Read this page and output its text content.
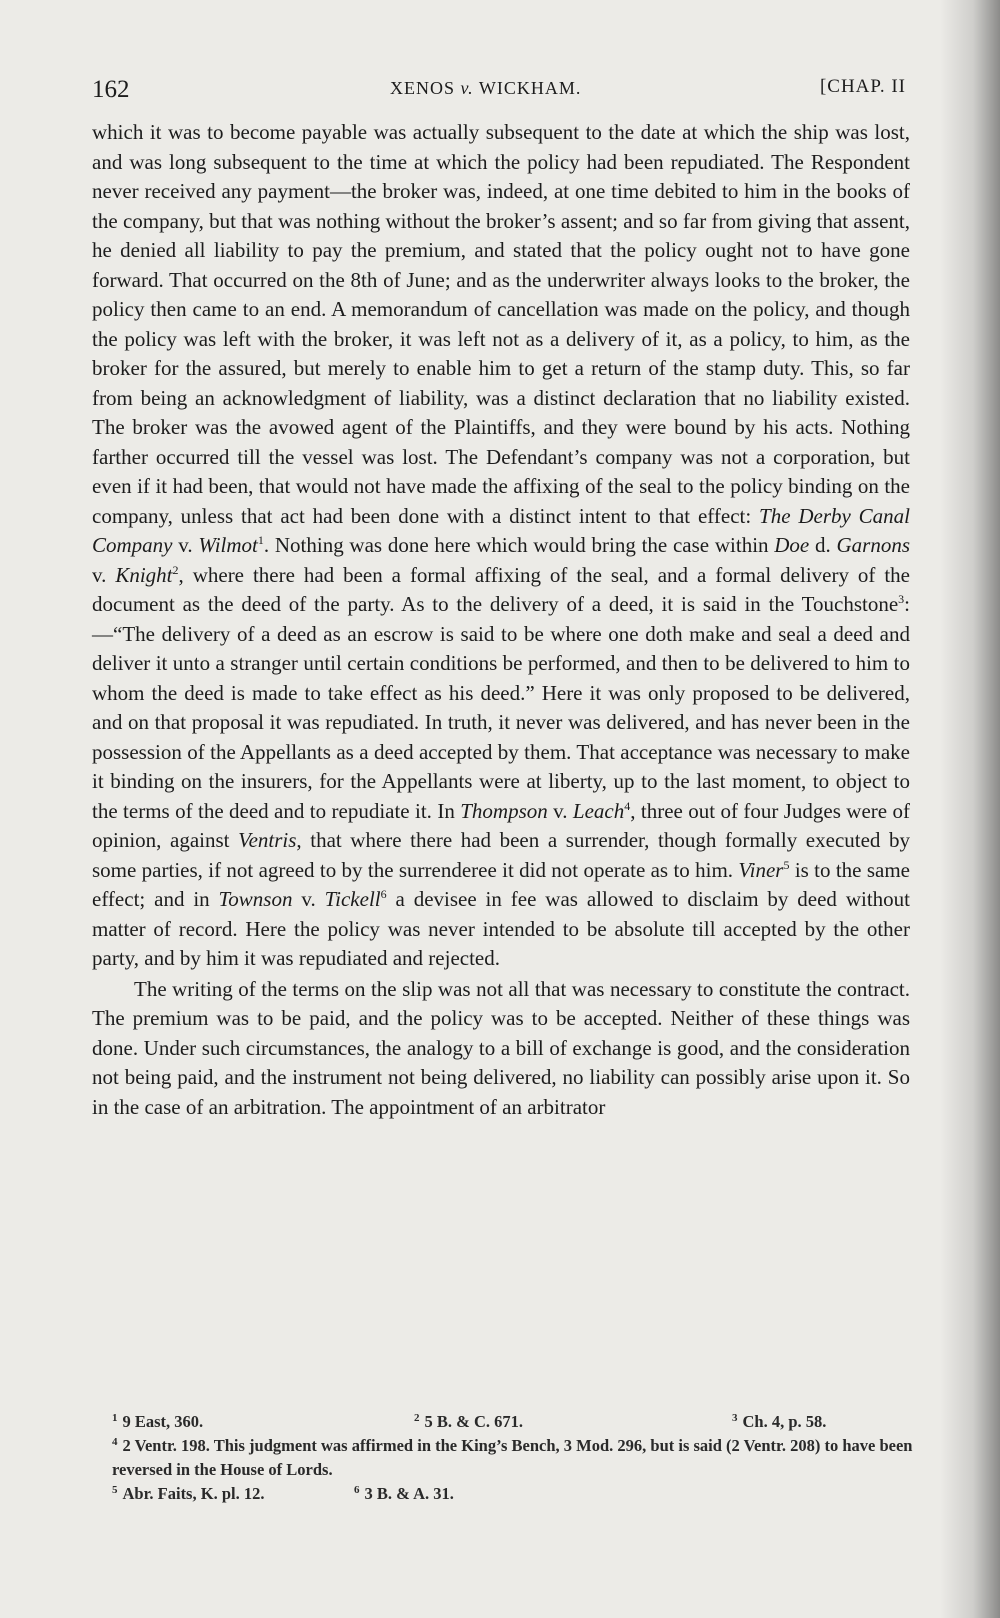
162	XENOS v. WICKHAM.	[CHAP. II

which it was to become payable was actually subsequent to the date at which the ship was lost, and was long subsequent to the time at which the policy had been repudiated. The Respondent never received any payment—the broker was, indeed, at one time debited to him in the books of the company, but that was nothing without the broker’s assent; and so far from giving that assent, he denied all liability to pay the premium, and stated that the policy ought not to have gone forward. That occurred on the 8th of June; and as the underwriter always looks to the broker, the policy then came to an end. A memorandum of cancellation was made on the policy, and though the policy was left with the broker, it was left not as a delivery of it, as a policy, to him, as the broker for the assured, but merely to enable him to get a return of the stamp duty. This, so far from being an acknowledgment of liability, was a distinct declaration that no liability existed. The broker was the avowed agent of the Plaintiffs, and they were bound by his acts. Nothing farther occurred till the vessel was lost. The Defendant’s company was not a corporation, but even if it had been, that would not have made the affixing of the seal to the policy binding on the company, unless that act had been done with a distinct intent to that effect: The Derby Canal Company v. Wilmot$^1$. Nothing was done here which would bring the case within Doe d. Garnons v. Knight$^2$, where there had been a formal affixing of the seal, and a formal delivery of the document as the deed of the party. As to the delivery of a deed, it is said in the Touchstone$^3$:—“The delivery of a deed as an escrow is said to be where one doth make and seal a deed and deliver it unto a stranger until certain conditions be performed, and then to be delivered to him to whom the deed is made to take effect as his deed.” Here it was only proposed to be delivered, and on that proposal it was repudiated. In truth, it never was delivered, and has never been in the possession of the Appellants as a deed accepted by them. That acceptance was necessary to make it binding on the insurers, for the Appellants were at liberty, up to the last moment, to object to the terms of the deed and to repudiate it. In Thompson v. Leach$^4$, three out of four Judges were of opinion, against Ventris, that where there had been a surrender, though formally executed by some parties, if not agreed to by the surrenderee it did not operate as to him. Viner$^5$ is to the same effect; and in Townson v. Tickell$^6$ a devisee in fee was allowed to disclaim by deed without matter of record. Here the policy was never intended to be absolute till accepted by the other party, and by him it was repudiated and rejected.

The writing of the terms on the slip was not all that was necessary to constitute the contract. The premium was to be paid, and the policy was to be accepted. Neither of these things was done. Under such circumstances, the analogy to a bill of exchange is good, and the consideration not being paid, and the instrument not being delivered, no liability can possibly arise upon it. So in the case of an arbitration. The appointment of an arbitrator

$^1$ 9 East, 360.	$^2$ 5 B. & C. 671.	$^3$ Ch. 4, p. 58.
$^4$ 2 Ventr. 198. This judgment was affirmed in the King’s Bench, 3 Mod. 296, but is said (2 Ventr. 208) to have been reversed in the House of Lords.
$^5$ Abr. Faits, K. pl. 12.	$^6$ 3 B. & A. 31.
